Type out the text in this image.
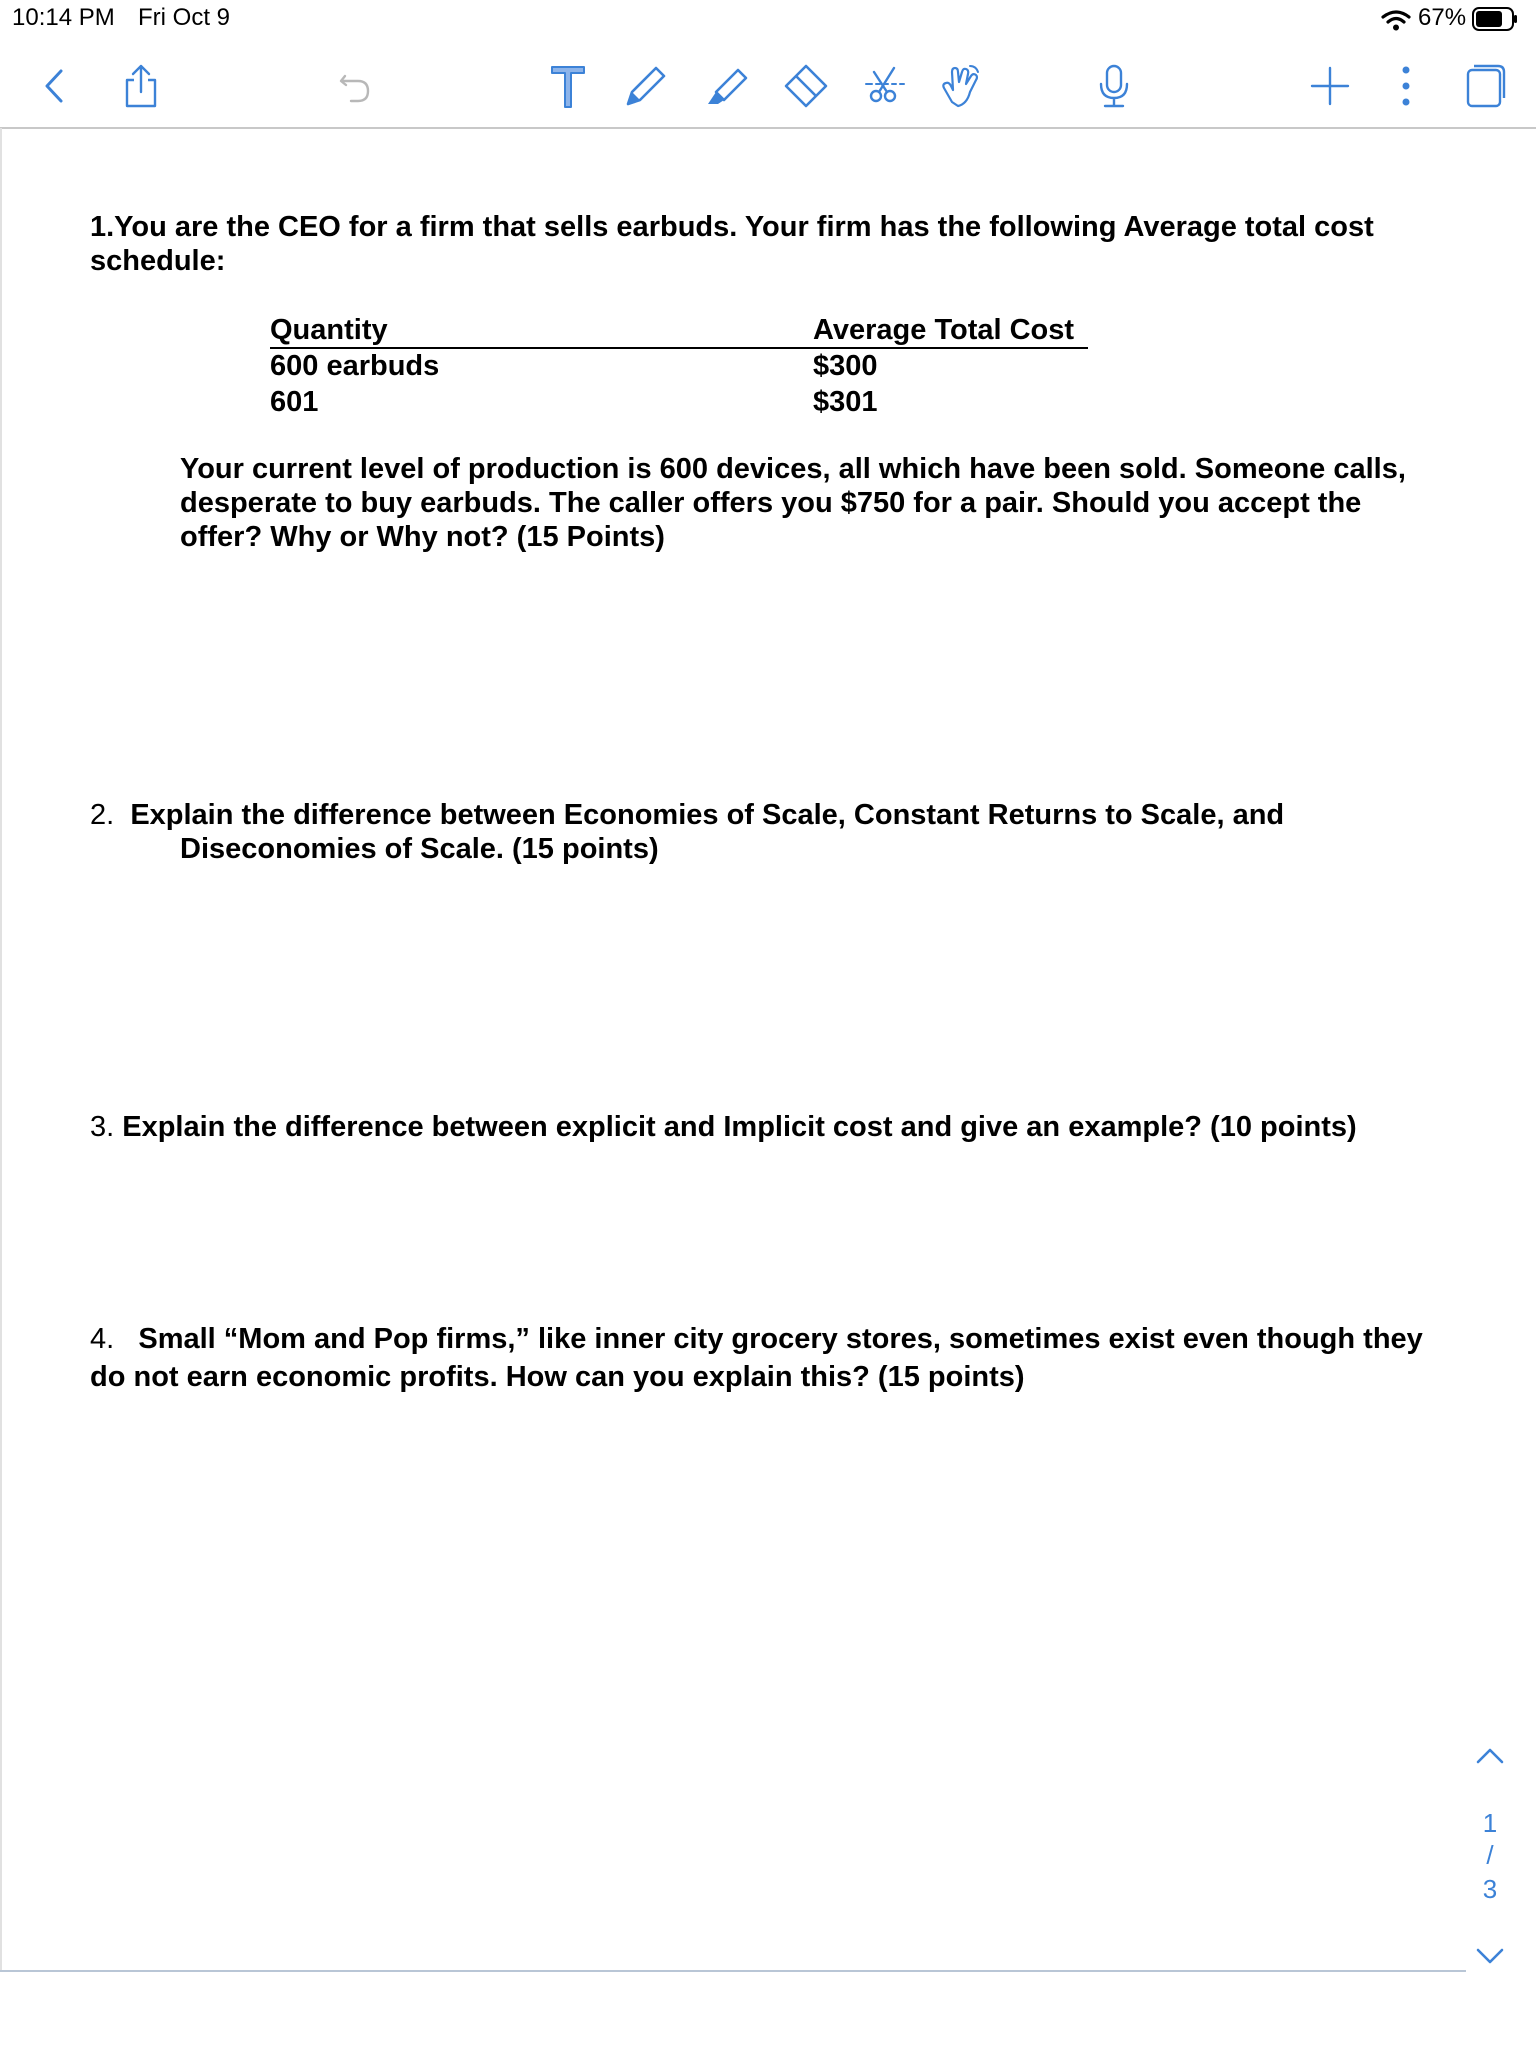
10:14 PM Fri Oct 9	67%
1.You are the CEO for a firm that sells earbuds. Your firm has the following Average total cost schedule:
Quantity	Average Total Cost
600 earbuds	$300
601	$301
Your current level of production is 600 devices, all which have been sold. Someone calls, desperate to buy earbuds. The caller offers you $750 for a pair. Should you accept the offer? Why or Why not? (15 Points)
2. Explain the difference between Economies of Scale, Constant Returns to Scale, and
Diseconomies of Scale. (15 points)
3. Explain the difference between explicit and Implicit cost and give an example? (10 points)
4. Small “Mom and Pop firms,” like inner city grocery stores, sometimes exist even though they do not earn economic profits. How can you explain this? (15 points)
1
/
3
